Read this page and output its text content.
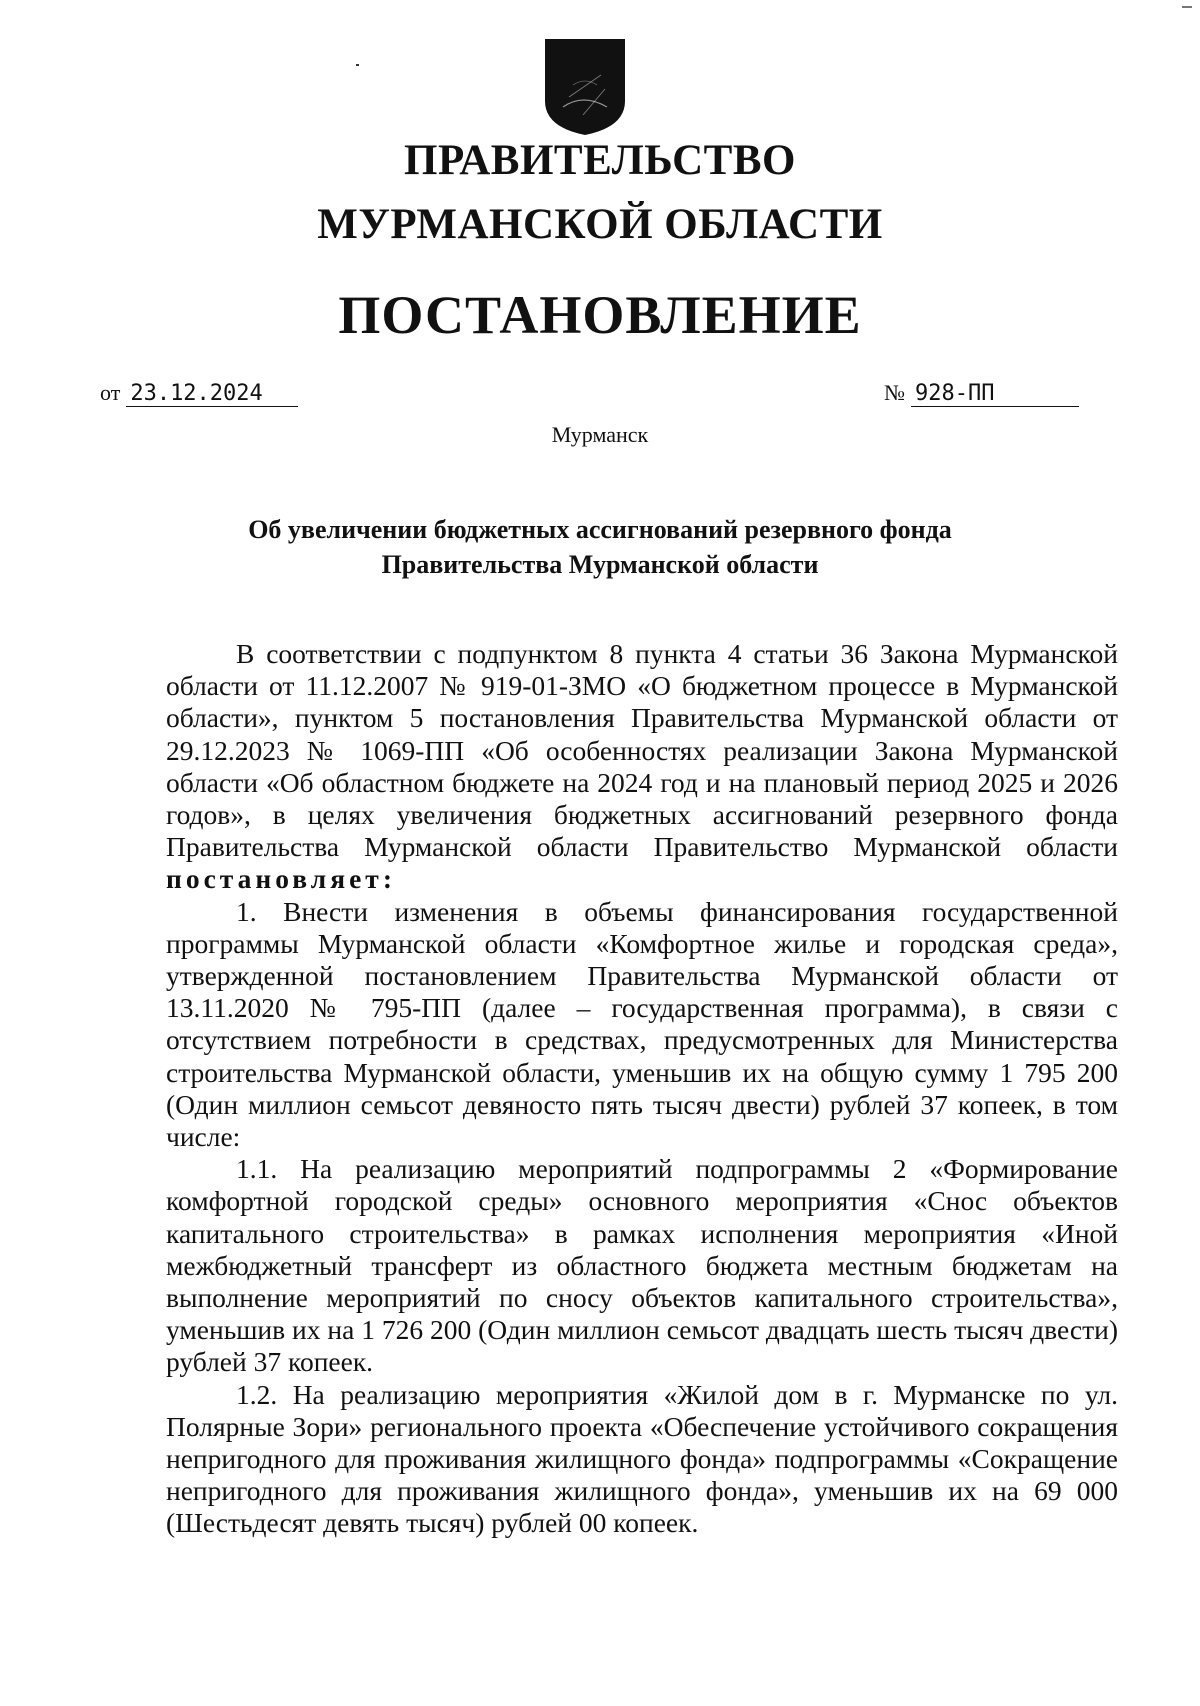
ПРАВИТЕЛЬСТВО
МУРМАНСКОЙ ОБЛАСТИ
ПОСТАНОВЛЕНИЕ
от 23.12.2024	№ 928-ПП
Мурманск
Об увеличении бюджетных ассигнований резервного фонда
Правительства Мурманской области

В соответствии с подпунктом 8 пункта 4 статьи 36 Закона Мурманской области от 11.12.2007 № 919-01-ЗМО «О бюджетном процессе в Мурманской области», пунктом 5 постановления Правительства Мурманской области от 29.12.2023 № 1069-ПП «Об особенностях реализации Закона Мурманской области «Об областном бюджете на 2024 год и на плановый период 2025 и 2026 годов», в целях увеличения бюджетных ассигнований резервного фонда Правительства Мурманской области Правительство Мурманской области постановляет:

1. Внести изменения в объемы финансирования государственной программы Мурманской области «Комфортное жилье и городская среда», утвержденной постановлением Правительства Мурманской области от 13.11.2020 № 795-ПП (далее – государственная программа), в связи с отсутствием потребности в средствах, предусмотренных для Министерства строительства Мурманской области, уменьшив их на общую сумму 1 795 200 (Один миллион семьсот девяносто пять тысяч двести) рублей 37 копеек, в том числе:

1.1. На реализацию мероприятий подпрограммы 2 «Формирование комфортной городской среды» основного мероприятия «Снос объектов капитального строительства» в рамках исполнения мероприятия «Иной межбюджетный трансферт из областного бюджета местным бюджетам на выполнение мероприятий по сносу объектов капитального строительства», уменьшив их на 1 726 200 (Один миллион семьсот двадцать шесть тысяч двести) рублей 37 копеек.

1.2. На реализацию мероприятия «Жилой дом в г. Мурманске по ул. Полярные Зори» регионального проекта «Обеспечение устойчивого сокращения непригодного для проживания жилищного фонда» подпрограммы «Сокращение непригодного для проживания жилищного фонда», уменьшив их на 69 000 (Шестьдесят девять тысяч) рублей 00 копеек.
